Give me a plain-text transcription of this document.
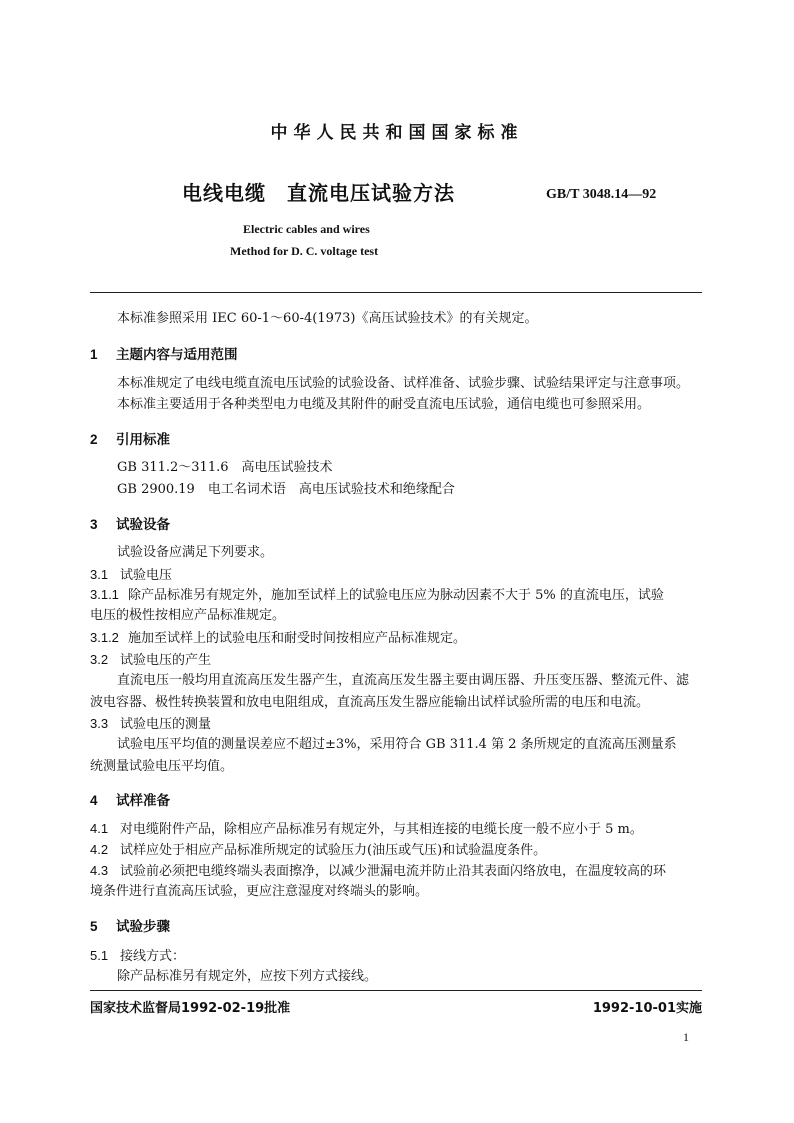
中华人民共和国国家标准
电线电缆　直流电压试验方法	GB/T 3048.14—92
Electric cables and wires
Method for D. C. voltage test
本标准参照采用 IEC 60-1～60-4(1973)《高压试验技术》的有关规定。
1 主题内容与适用范围
本标准规定了电线电缆直流电压试验的试验设备、试样准备、试验步骤、试验结果评定与注意事项。
本标准主要适用于各种类型电力电缆及其附件的耐受直流电压试验，通信电缆也可参照采用。
2 引用标准
GB 311.2～311.6　高电压试验技术
GB 2900.19　电工名词术语　高电压试验技术和绝缘配合
3 试验设备
试验设备应满足下列要求。
3.1 试验电压
3.1.1 除产品标准另有规定外，施加至试样上的试验电压应为脉动因素不大于 5% 的直流电压，试验
电压的极性按相应产品标准规定。
3.1.2 施加至试样上的试验电压和耐受时间按相应产品标准规定。
3.2 试验电压的产生
直流电压一般均用直流高压发生器产生，直流高压发生器主要由调压器、升压变压器、整流元件、滤
波电容器、极性转换装置和放电电阻组成，直流高压发生器应能输出试样试验所需的电压和电流。
3.3 试验电压的测量
试验电压平均值的测量误差应不超过±3%，采用符合 GB 311.4 第 2 条所规定的直流高压测量系
统测量试验电压平均值。
4 试样准备
4.1 对电缆附件产品，除相应产品标准另有规定外，与其相连接的电缆长度一般不应小于 5 m。
4.2 试样应处于相应产品标准所规定的试验压力(油压或气压)和试验温度条件。
4.3 试验前必须把电缆终端头表面擦净，以减少泄漏电流并防止沿其表面闪络放电，在温度较高的环
境条件进行直流高压试验，更应注意湿度对终端头的影响。
5 试验步骤
5.1 接线方式：
除产品标准另有规定外，应按下列方式接线。
国家技术监督局1992-02-19批准	1992-10-01实施
1
